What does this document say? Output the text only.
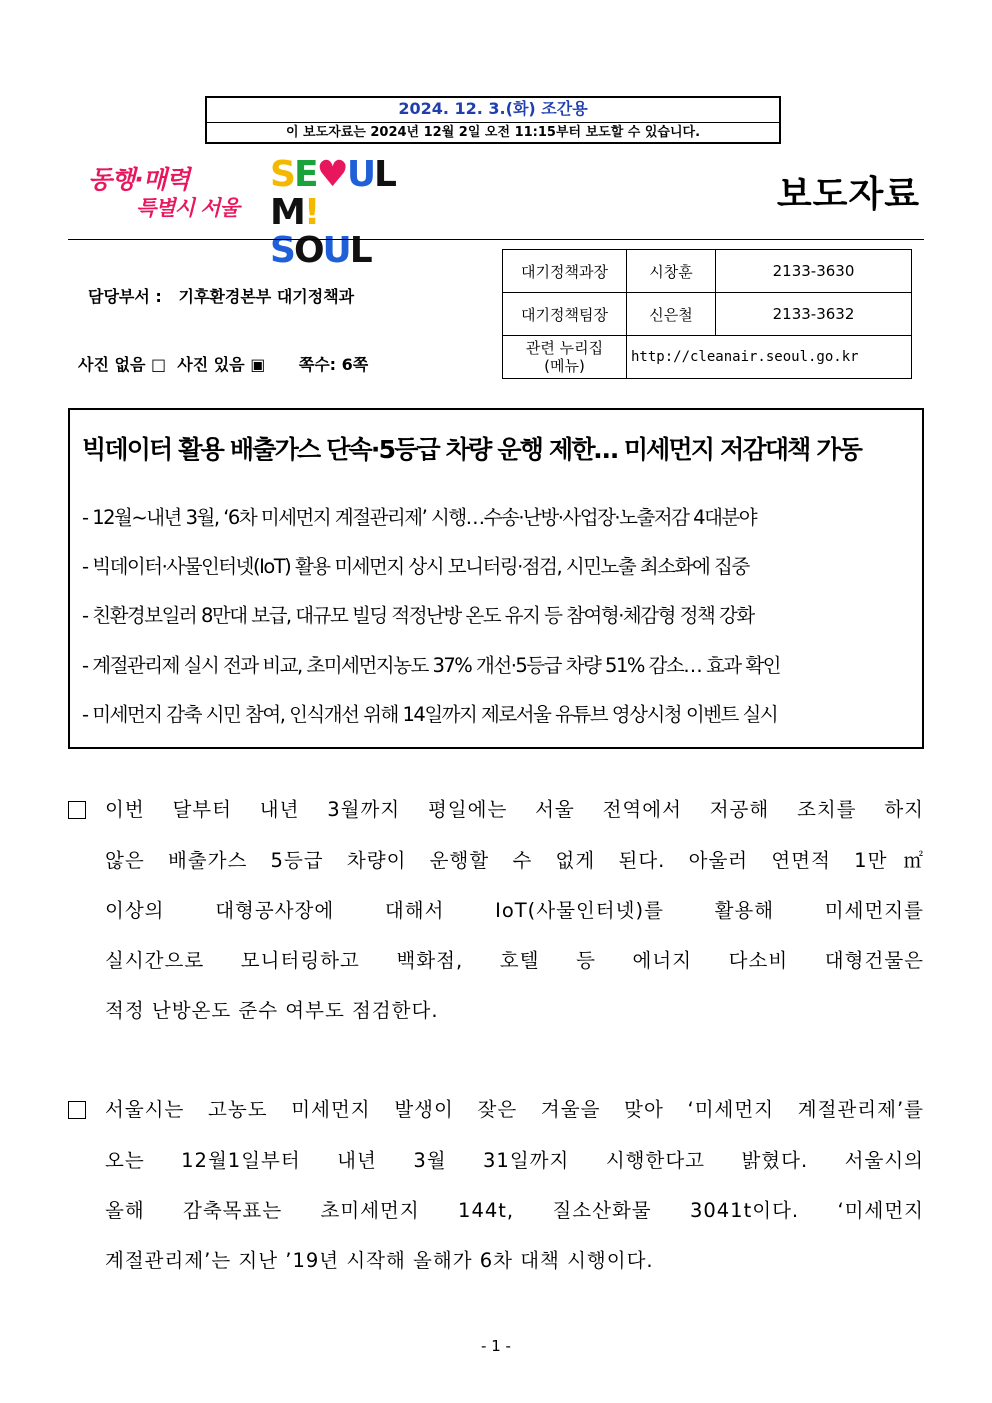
2024. 12. 3.(화) 조간용
이 보도자료는 2024년 12월 2일 오전 11:15부터 보도할 수 있습니다.
동행·매력
특별시 서울
SE♥UL
M! SOUL
보도자료
담당부서 : 기후환경본부 대기정책과
사진 없음 □ 사진 있음 ▣ 쪽수: 6쪽
대기정책과장	시창훈	2133-3630
대기정책팀장	신은철	2133-3632
관련 누리집
(메뉴)	http://cleanair.seoul.go.kr	
빅데이터 활용 배출가스 단속·5등급 차량 운행 제한… 미세먼지 저감대책 가동
- 12월~내년 3월, ‘6차 미세먼지 계절관리제’ 시행…수송·난방·사업장·노출저감 4대분야
- 빅데이터·사물인터넷(IoT) 활용 미세먼지 상시 모니터링·점검, 시민노출 최소화에 집중
- 친환경보일러 8만대 보급, 대규모 빌딩 적정난방 온도 유지 등 참여형·체감형 정책 강화
- 계절관리제 실시 전과 비교, 초미세먼지농도 37% 개선·5등급 차량 51% 감소… 효과 확인
- 미세먼지 감축 시민 참여, 인식개선 위해 14일까지 제로서울 유튜브 영상시청 이벤트 실시
이번 달부터 내년 3월까지 평일에는 서울 전역에서 저공해 조치를 하지
않은 배출가스 5등급 차량이 운행할 수 없게 된다. 아울러 연면적 1만㎡
이상의 대형공사장에 대해서 IoT(사물인터넷)를 활용해 미세먼지를
실시간으로 모니터링하고 백화점, 호텔 등 에너지 다소비 대형건물은
적정 난방온도 준수 여부도 점검한다.
서울시는 고농도 미세먼지 발생이 잦은 겨울을 맞아 ‘미세먼지 계절관리제’를
오는 12월1일부터 내년 3월 31일까지 시행한다고 밝혔다. 서울시의
올해 감축목표는 초미세먼지 144t, 질소산화물 3041t이다. ‘미세먼지
계절관리제’는 지난 ’19년 시작해 올해가 6차 대책 시행이다.
- 1 -
